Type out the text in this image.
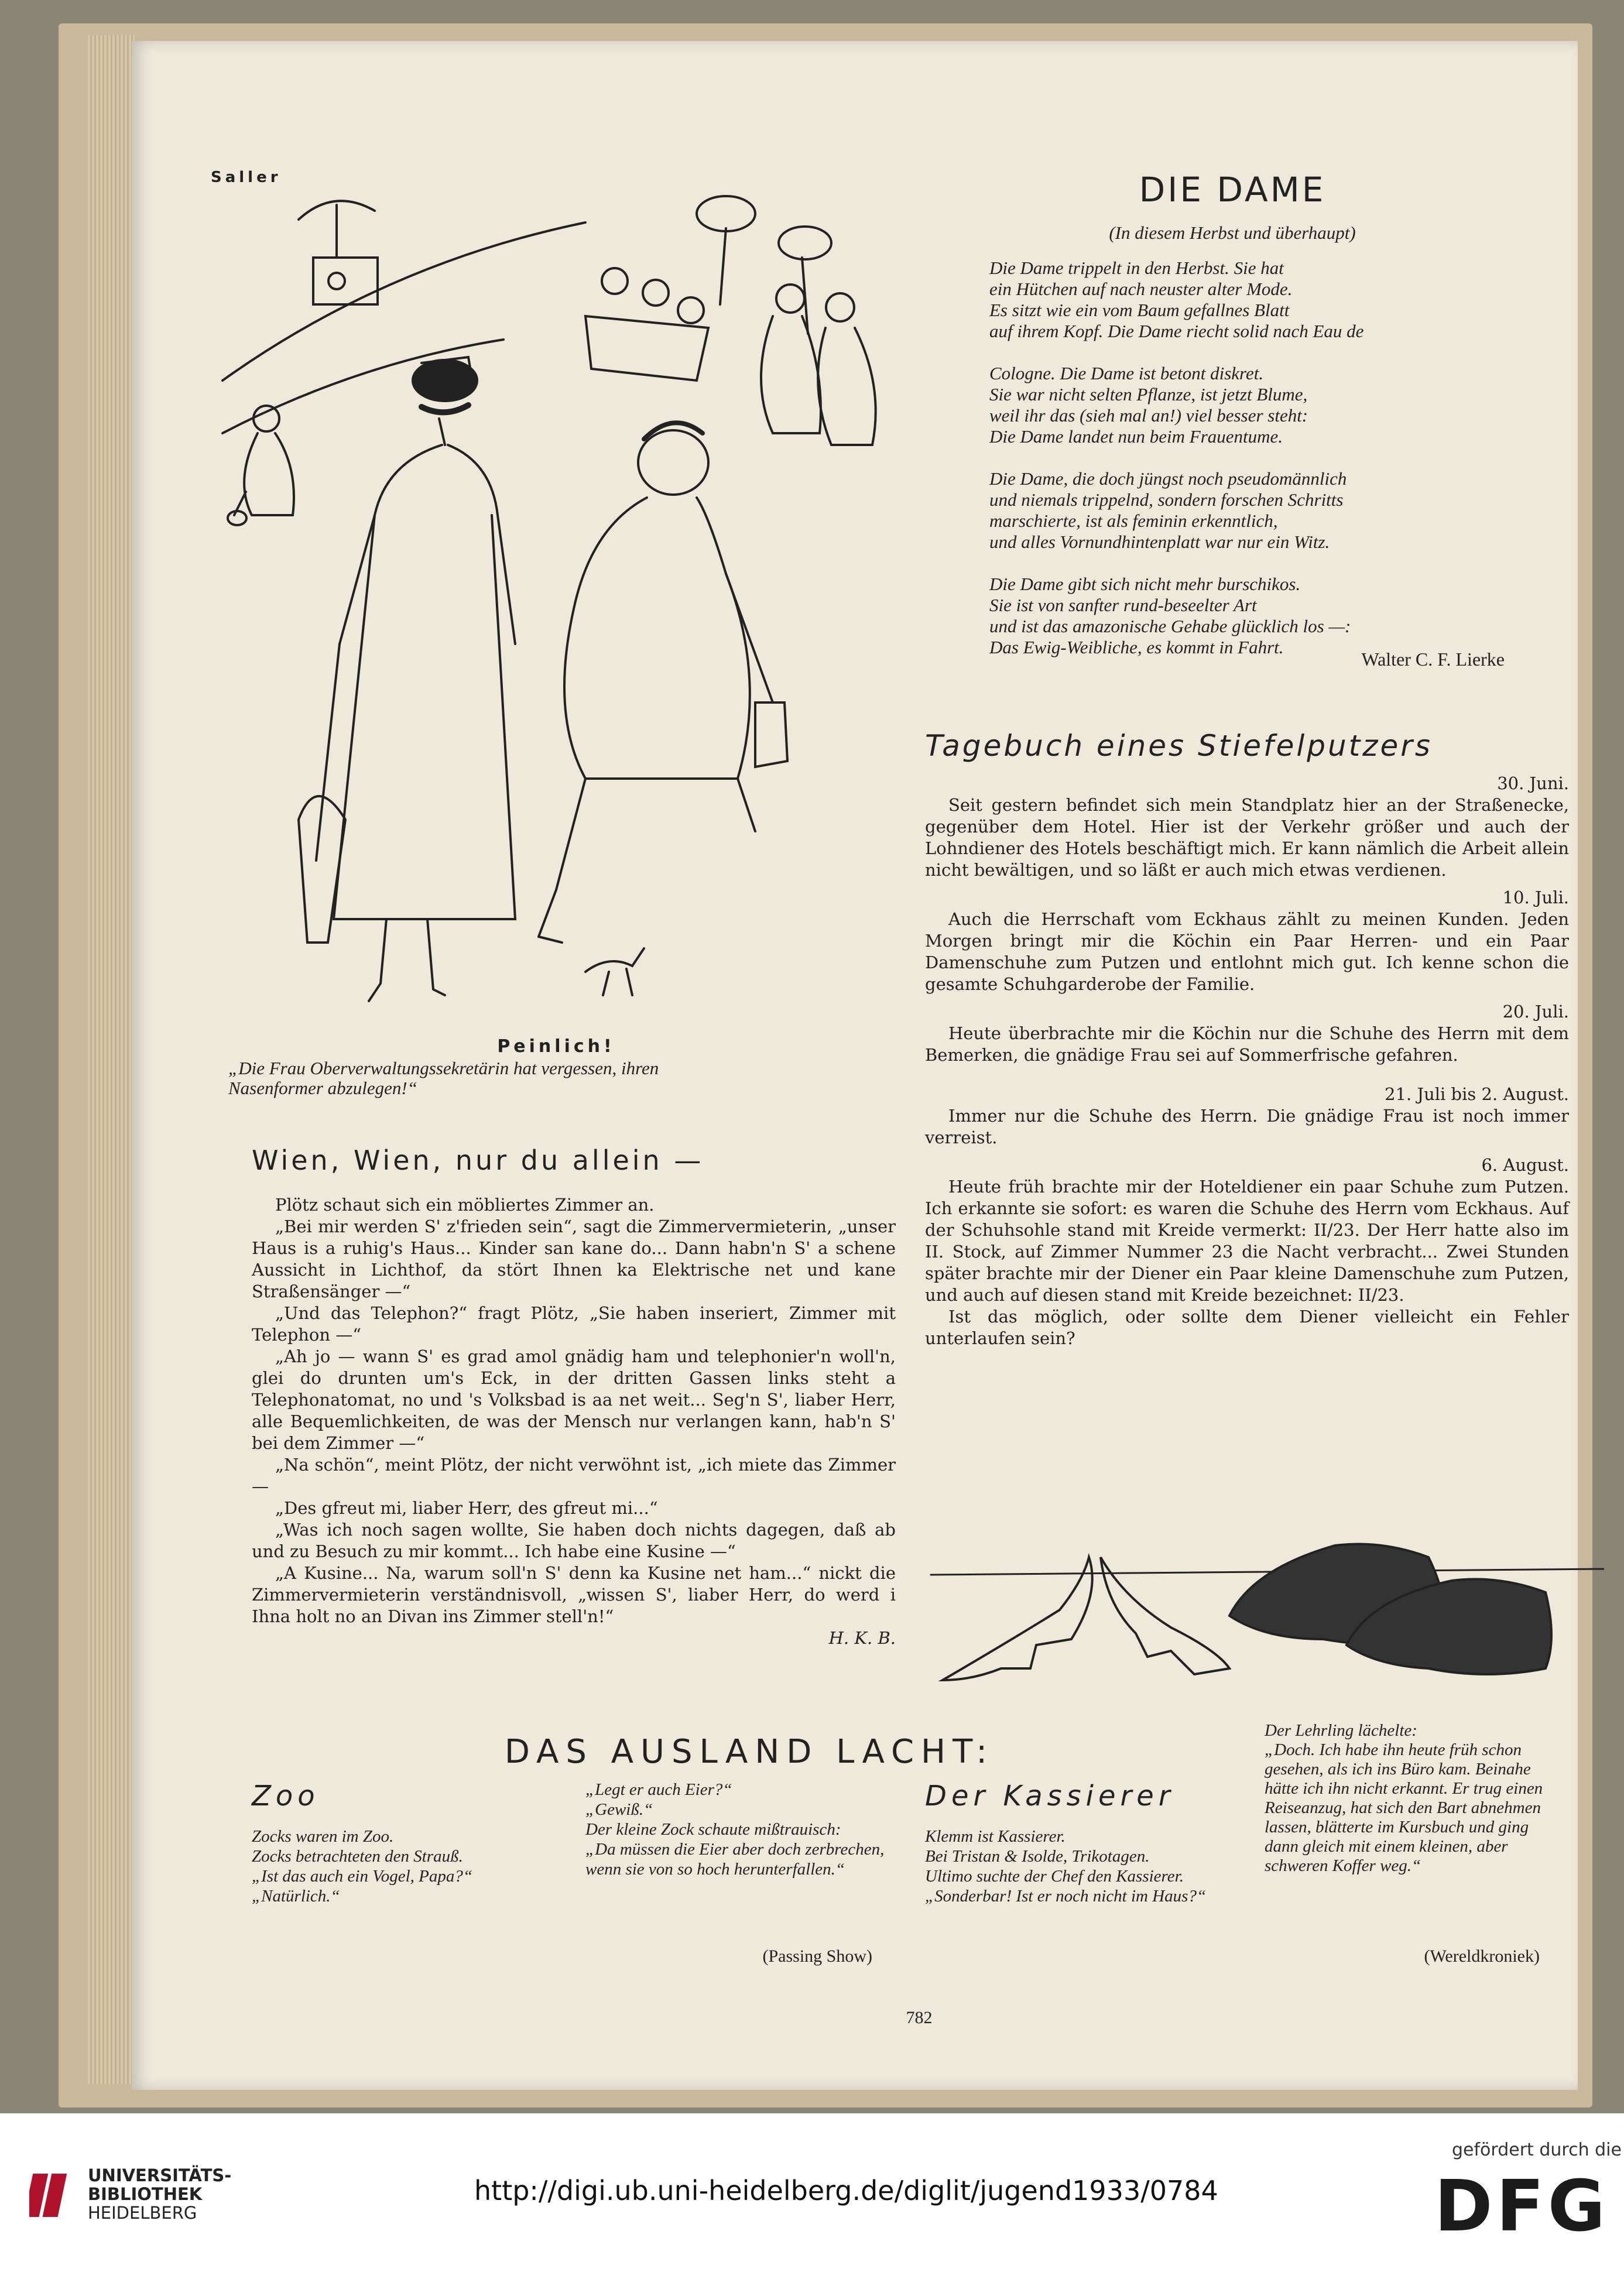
Saller
Peinlich!
„Die Frau Oberverwaltungssekretärin hat vergessen, ihren
Nasenformer abzulegen!“
DIE DAME
(In diesem Herbst und überhaupt)
Die Dame trippelt in den Herbst. Sie hat
ein Hütchen auf nach neuster alter Mode.
Es sitzt wie ein vom Baum gefallnes Blatt
auf ihrem Kopf. Die Dame riecht solid nach Eau de
Cologne. Die Dame ist betont diskret.
Sie war nicht selten Pflanze, ist jetzt Blume,
weil ihr das (sieh mal an!) viel besser steht:
Die Dame landet nun beim Frauentume.
Die Dame, die doch jüngst noch pseudomännlich
und niemals trippelnd, sondern forschen Schritts
marschierte, ist als feminin erkenntlich,
und alles Vornundhintenplatt war nur ein Witz.
Die Dame gibt sich nicht mehr burschikos.
Sie ist von sanfter rund-beseelter Art
und ist das amazonische Gehabe glücklich los —:
Das Ewig-Weibliche, es kommt in Fahrt.
Walter C. F. Lierke
Tagebuch eines Stiefelputzers
30. Juni.

Seit gestern befindet sich mein Standplatz hier an der Straßenecke, gegenüber dem Hotel. Hier ist der Verkehr größer und auch der Lohndiener des Hotels beschäftigt mich. Er kann nämlich die Arbeit allein nicht bewältigen, und so läßt er auch mich etwas verdienen.

10. Juli.

Auch die Herrschaft vom Eckhaus zählt zu meinen Kunden. Jeden Morgen bringt mir die Köchin ein Paar Herren- und ein Paar Damenschuhe zum Putzen und entlohnt mich gut. Ich kenne schon die gesamte Schuhgarderobe der Familie.

20. Juli.

Heute überbrachte mir die Köchin nur die Schuhe des Herrn mit dem Bemerken, die gnädige Frau sei auf Sommerfrische gefahren.

21. Juli bis 2. August.

Immer nur die Schuhe des Herrn. Die gnädige Frau ist noch immer verreist.

6. August.

Heute früh brachte mir der Hoteldiener ein paar Schuhe zum Putzen. Ich erkannte sie sofort: es waren die Schuhe des Herrn vom Eckhaus. Auf der Schuhsohle stand mit Kreide vermerkt: II/23. Der Herr hatte also im II. Stock, auf Zimmer Nummer 23 die Nacht verbracht... Zwei Stunden später brachte mir der Diener ein Paar kleine Damenschuhe zum Putzen, und auch auf diesen stand mit Kreide bezeichnet: II/23.

Ist das möglich, oder sollte dem Diener vielleicht ein Fehler unterlaufen sein?

Wien, Wien, nur du allein —

Plötz schaut sich ein möbliertes Zimmer an.

„Bei mir werden S' z'frieden sein“, sagt die Zimmervermieterin, „unser Haus is a ruhig's Haus... Kinder san kane do... Dann habn'n S' a schene Aussicht in Lichthof, da stört Ihnen ka Elektrische net und kane Straßensänger —“

„Und das Telephon?“ fragt Plötz, „Sie haben inseriert, Zimmer mit Telephon —“

„Ah jo — wann S' es grad amol gnädig ham und telephonier'n woll'n, glei do drunten um's Eck, in der dritten Gassen links steht a Telephonatomat, no und 's Volksbad is aa net weit... Seg'n S', liaber Herr, alle Bequemlichkeiten, de was der Mensch nur verlangen kann, hab'n S' bei dem Zimmer —“

„Na schön“, meint Plötz, der nicht verwöhnt ist, „ich miete das Zimmer —

„Des gfreut mi, liaber Herr, des gfreut mi...“

„Was ich noch sagen wollte, Sie haben doch nichts dagegen, daß ab und zu Besuch zu mir kommt... Ich habe eine Kusine —“

„A Kusine... Na, warum soll'n S' denn ka Kusine net ham...“ nickt die Zimmervermieterin verständnisvoll, „wissen S', liaber Herr, do werd i Ihna holt no an Divan ins Zimmer stell'n!“

H. K. B.
DAS AUSLAND LACHT:
Zoo
Zocks waren im Zoo.
Zocks betrachteten den Strauß.
„Ist das auch ein Vogel, Papa?“
„Natürlich.“
„Legt er auch Eier?“
„Gewiß.“
Der kleine Zock schaute mißtrauisch:
„Da müssen die Eier aber doch zerbrechen, wenn sie von so hoch herunterfallen.“
(Passing Show)
Der Kassierer
Klemm ist Kassierer.
Bei Tristan & Isolde, Trikotagen.
Ultimo suchte der Chef den Kassierer.
„Sonderbar! Ist er noch nicht im Haus?“
Der Lehrling lächelte:
„Doch. Ich habe ihn heute früh schon gesehen, als ich ins Büro kam. Beinahe hätte ich ihn nicht erkannt. Er trug einen Reiseanzug, hat sich den Bart abnehmen lassen, blätterte im Kursbuch und ging dann gleich mit einem kleinen, aber schweren Koffer weg.“
(Wereldkroniek)
782
UNIVERSITÄTS-
BIBLIOTHEK
HEIDELBERG
http://digi.ub.uni-heidelberg.de/diglit/jugend1933/0784
gefördert durch die
DFG
